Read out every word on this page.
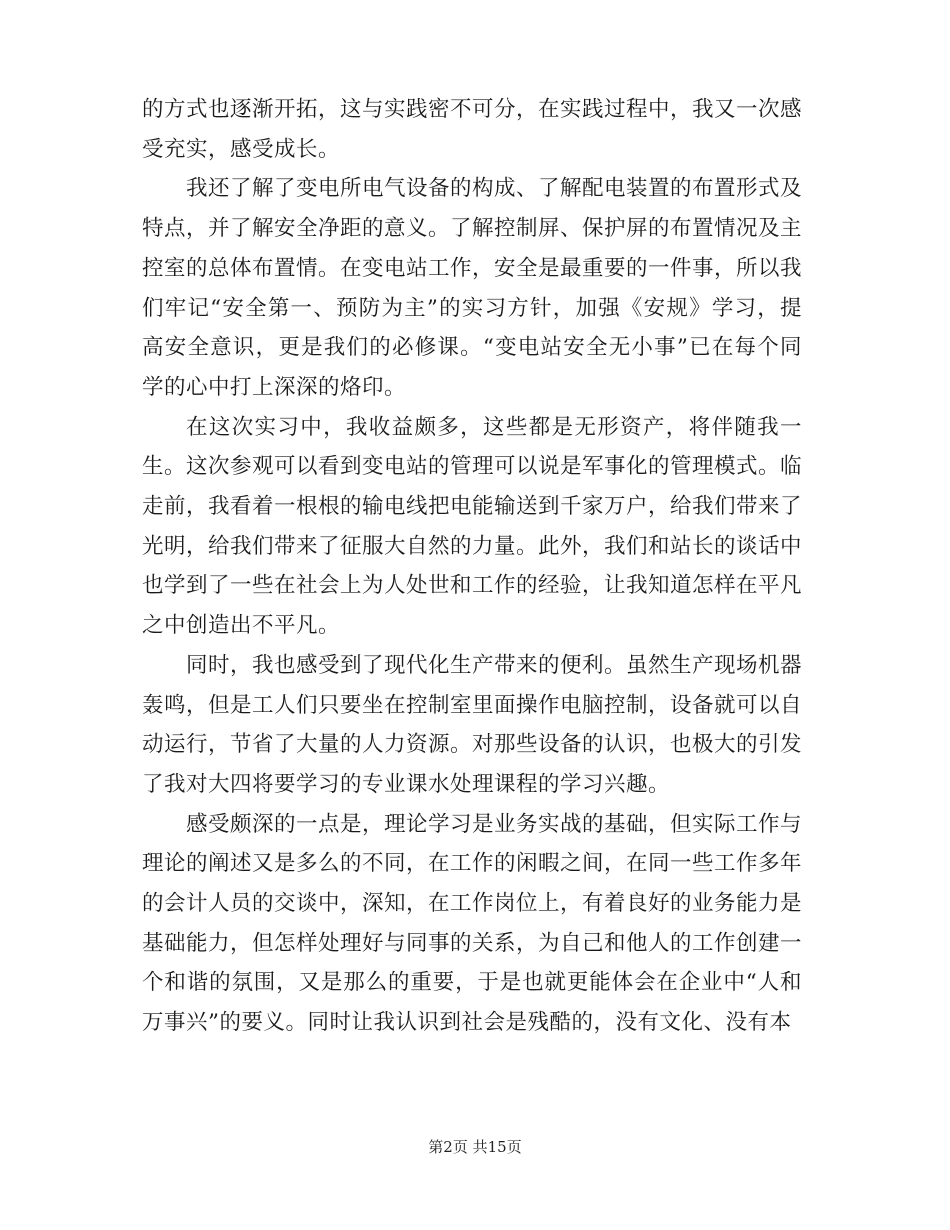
的方式也逐渐开拓，这与实践密不可分，在实践过程中，我又一次感受充实，感受成长。

我还了解了变电所电气设备的构成、了解配电装置的布置形式及特点，并了解安全净距的意义。了解控制屏、保护屏的布置情况及主控室的总体布置情。在变电站工作，安全是最重要的一件事，所以我们牢记“安全第一、预防为主”的实习方针，加强《安规》学习，提高安全意识，更是我们的必修课。“变电站安全无小事”已在每个同学的心中打上深深的烙印。

在这次实习中，我收益颇多，这些都是无形资产，将伴随我一生。这次参观可以看到变电站的管理可以说是军事化的管理模式。临走前，我看着一根根的输电线把电能输送到千家万户，给我们带来了光明，给我们带来了征服大自然的力量。此外，我们和站长的谈话中也学到了一些在社会上为人处世和工作的经验，让我知道怎样在平凡之中创造出不平凡。

同时，我也感受到了现代化生产带来的便利。虽然生产现场机器轰鸣，但是工人们只要坐在控制室里面操作电脑控制，设备就可以自动运行，节省了大量的人力资源。对那些设备的认识，也极大的引发了我对大四将要学习的专业课水处理课程的学习兴趣。

感受颇深的一点是，理论学习是业务实战的基础，但实际工作与理论的阐述又是多么的不同，在工作的闲暇之间，在同一些工作多年的会计人员的交谈中，深知，在工作岗位上，有着良好的业务能力是基础能力，但怎样处理好与同事的关系，为自己和他人的工作创建一个和谐的氛围，又是那么的重要，于是也就更能体会在企业中“人和万事兴”的要义。同时让我认识到社会是残酷的，没有文化、没有本

第2页 共15页
